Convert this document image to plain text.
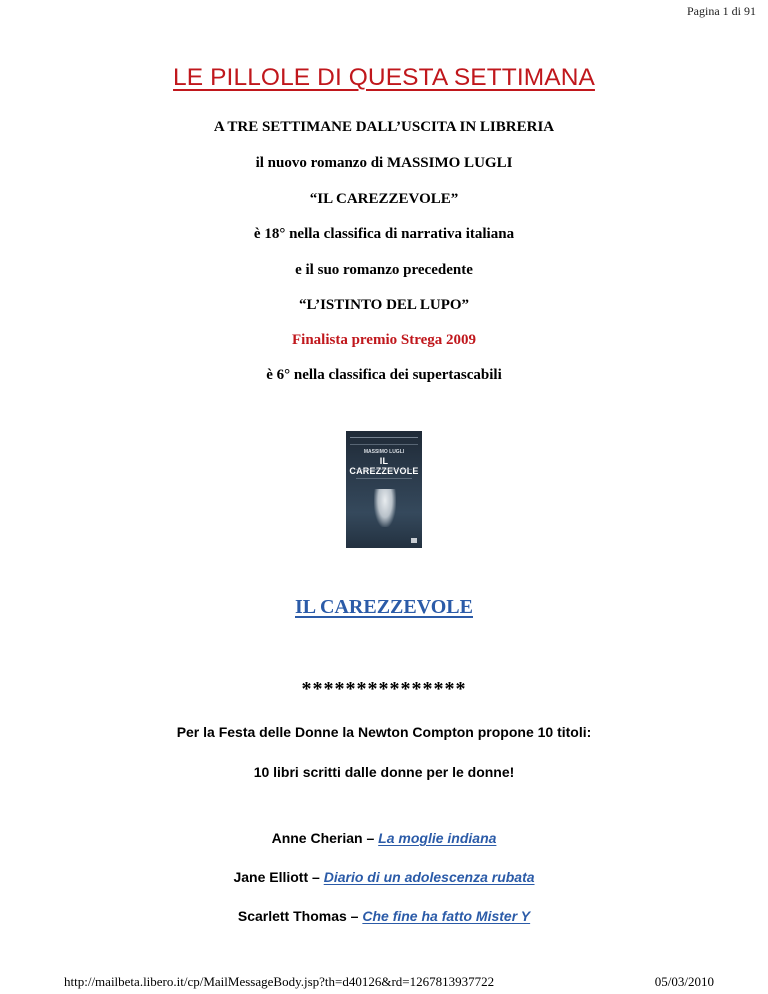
Pagina 1 di 91
LE PILLOLE DI QUESTA SETTIMANA
A TRE SETTIMANE DALL’USCITA IN LIBRERIA
il nuovo romanzo di MASSIMO LUGLI
“IL CAREZZEVOLE”
è 18° nella classifica di narrativa italiana
e il suo romanzo precedente
“L’ISTINTO DEL LUPO”
Finalista premio Strega 2009
è 6° nella classifica dei supertascabili
MASSIMO LUGLI
IL CAREZZEVOLE
IL CAREZZEVOLE
***************
Per la Festa delle Donne la Newton Compton propone 10 titoli:
10 libri scritti dalle donne per le donne!
Anne Cherian – La moglie indiana
Jane Elliott – Diario di un adolescenza rubata
Scarlett Thomas – Che fine ha fatto Mister Y
http://mailbeta.libero.it/cp/MailMessageBody.jsp?th=d40126&rd=1267813937722	05/03/2010
